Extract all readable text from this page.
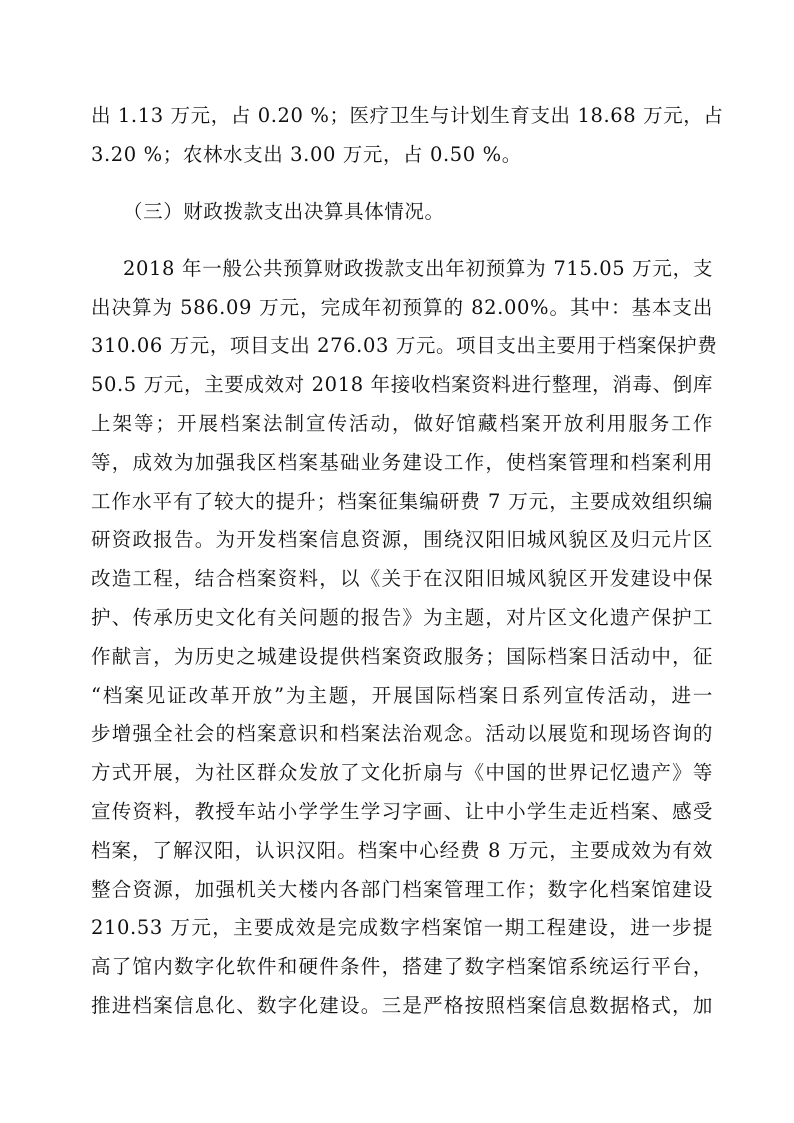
出 1.13 万元，占 0.20 %；医疗卫生与计划生育支出 18.68 万元，占
3.20 %；农林水支出 3.00 万元，占 0.50 %。
（三）财政拨款支出决算具体情况。
2018 年一般公共预算财政拨款支出年初预算为 715.05 万元，支
出决算为 586.09 万元，完成年初预算的 82.00%。其中：基本支出
310.06 万元，项目支出 276.03 万元。项目支出主要用于档案保护费
50.5 万元，主要成效对 2018 年接收档案资料进行整理，消毒、倒库
上架等；开展档案法制宣传活动，做好馆藏档案开放利用服务工作
等，成效为加强我区档案基础业务建设工作，使档案管理和档案利用
工作水平有了较大的提升；档案征集编研费 7 万元，主要成效组织编
研资政报告。为开发档案信息资源，围绕汉阳旧城风貌区及归元片区
改造工程，结合档案资料，以《关于在汉阳旧城风貌区开发建设中保
护、传承历史文化有关问题的报告》为主题，对片区文化遗产保护工
作献言，为历史之城建设提供档案资政服务；国际档案日活动中，征
“档案见证改革开放”为主题，开展国际档案日系列宣传活动，进一
步增强全社会的档案意识和档案法治观念。活动以展览和现场咨询的
方式开展，为社区群众发放了文化折扇与《中国的世界记忆遗产》等
宣传资料，教授车站小学学生学习字画、让中小学生走近档案、感受
档案，了解汉阳，认识汉阳。档案中心经费 8 万元，主要成效为有效
整合资源，加强机关大楼内各部门档案管理工作；数字化档案馆建设
210.53 万元，主要成效是完成数字档案馆一期工程建设，进一步提
高了馆内数字化软件和硬件条件，搭建了数字档案馆系统运行平台，
推进档案信息化、数字化建设。三是严格按照档案信息数据格式，加
